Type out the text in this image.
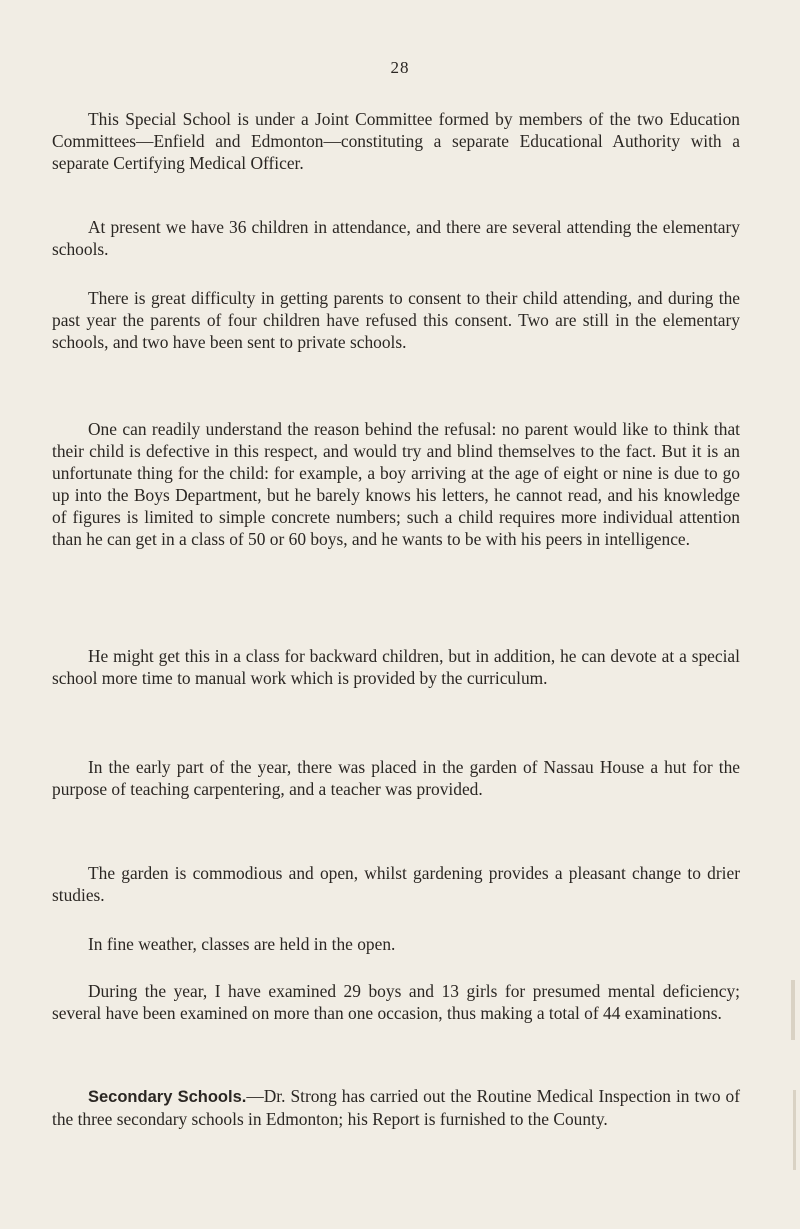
28

This Special School is under a Joint Committee formed by members of the two Education Committees—Enfield and Edmonton—constituting a separate Educational Authority with a separate Certifying Medical Officer.

At present we have 36 children in attendance, and there are several attending the elementary schools.

There is great difficulty in getting parents to consent to their child attending, and during the past year the parents of four children have refused this consent. Two are still in the elementary schools, and two have been sent to private schools.

One can readily understand the reason behind the refusal: no parent would like to think that their child is defective in this respect, and would try and blind themselves to the fact. But it is an unfortunate thing for the child: for example, a boy arriving at the age of eight or nine is due to go up into the Boys Department, but he barely knows his letters, he cannot read, and his knowledge of figures is limited to simple concrete numbers; such a child requires more individual attention than he can get in a class of 50 or 60 boys, and he wants to be with his peers in intelligence.

He might get this in a class for backward children, but in addition, he can devote at a special school more time to manual work which is provided by the curriculum.

In the early part of the year, there was placed in the garden of Nassau House a hut for the purpose of teaching carpentering, and a teacher was provided.

The garden is commodious and open, whilst gardening provides a pleasant change to drier studies.

In fine weather, classes are held in the open.

During the year, I have examined 29 boys and 13 girls for presumed mental deficiency; several have been examined on more than one occasion, thus making a total of 44 examinations.

Secondary Schools.—Dr. Strong has carried out the Routine Medical Inspection in two of the three secondary schools in Edmonton; his Report is furnished to the County.
